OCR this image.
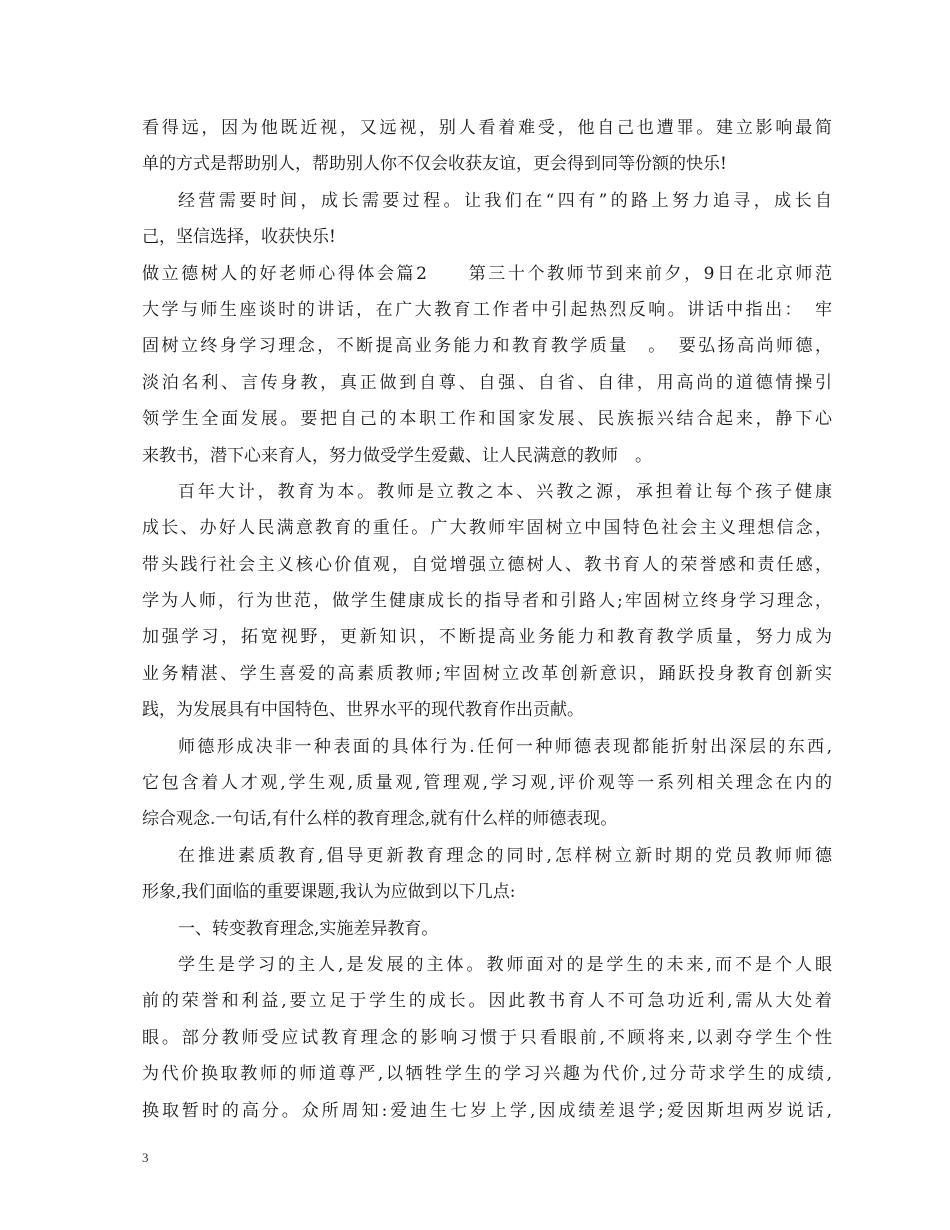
看得远，因为他既近视，又远视，别人看着难受，他自己也遭罪。建立影响最简
单的方式是帮助别人，帮助别人你不仅会收获友谊，更会得到同等份额的快乐!
经营需要时间，成长需要过程。让我们在“四有”的路上努力追寻，成长自
己，坚信选择，收获快乐!
做立德树人的好老师心得体会篇2　　第三十个教师节到来前夕，9日在北京师范
大学与师生座谈时的讲话，在广大教育工作者中引起热烈反响。讲话中指出：　牢
固树立终身学习理念，不断提高业务能力和教育教学质量　。　要弘扬高尚师德，
淡泊名利、言传身教，真正做到自尊、自强、自省、自律，用高尚的道德情操引
领学生全面发展。要把自己的本职工作和国家发展、民族振兴结合起来，静下心
来教书，潜下心来育人，努力做受学生爱戴、让人民满意的教师　。
百年大计，教育为本。教师是立教之本、兴教之源，承担着让每个孩子健康
成长、办好人民满意教育的重任。广大教师牢固树立中国特色社会主义理想信念，
带头践行社会主义核心价值观，自觉增强立德树人、教书育人的荣誉感和责任感，
学为人师，行为世范，做学生健康成长的指导者和引路人;牢固树立终身学习理念，
加强学习，拓宽视野，更新知识，不断提高业务能力和教育教学质量，努力成为
业务精湛、学生喜爱的高素质教师;牢固树立改革创新意识，踊跃投身教育创新实
践，为发展具有中国特色、世界水平的现代教育作出贡献。
师德形成决非一种表面的具体行为.任何一种师德表现都能折射出深层的东西,
它包含着人才观,学生观,质量观,管理观,学习观,评价观等一系列相关理念在内的
综合观念.一句话,有什么样的教育理念,就有什么样的师德表现。
在推进素质教育,倡导更新教育理念的同时,怎样树立新时期的党员教师师德
形象,我们面临的重要课题,我认为应做到以下几点:
一、转变教育理念,实施差异教育。
学生是学习的主人,是发展的主体。教师面对的是学生的未来,而不是个人眼
前的荣誉和利益,要立足于学生的成长。因此教书育人不可急功近利,需从大处着
眼。部分教师受应试教育理念的影响习惯于只看眼前,不顾将来,以剥夺学生个性
为代价换取教师的师道尊严,以牺牲学生的学习兴趣为代价,过分苛求学生的成绩,
换取暂时的高分。众所周知:爱迪生七岁上学,因成绩差退学;爱因斯坦两岁说话,
3
